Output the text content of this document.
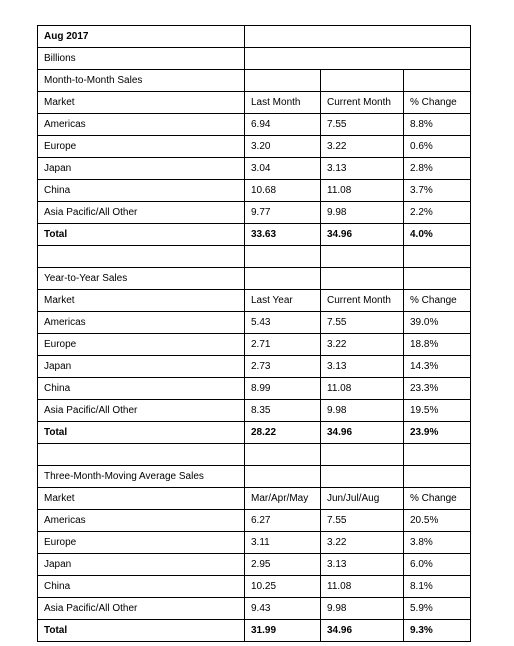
Aug 2017			
Billions			
Month-to-Month Sales			
Market	Last Month	Current Month	% Change
Americas	6.94	7.55	8.8%
Europe	3.20	3.22	0.6%
Japan	3.04	3.13	2.8%
China	10.68	11.08	3.7%
Asia Pacific/All Other	9.77	9.98	2.2%
Total	33.63	34.96	4.0%

Year-to-Year Sales			
Market	Last Year	Current Month	% Change
Americas	5.43	7.55	39.0%
Europe	2.71	3.22	18.8%
Japan	2.73	3.13	14.3%
China	8.99	11.08	23.3%
Asia Pacific/All Other	8.35	9.98	19.5%
Total	28.22	34.96	23.9%

Three-Month-Moving Average Sales			
Market	Mar/Apr/May	Jun/Jul/Aug	% Change
Americas	6.27	7.55	20.5%
Europe	3.11	3.22	3.8%
Japan	2.95	3.13	6.0%
China	10.25	11.08	8.1%
Asia Pacific/All Other	9.43	9.98	5.9%
Total	31.99	34.96	9.3%
